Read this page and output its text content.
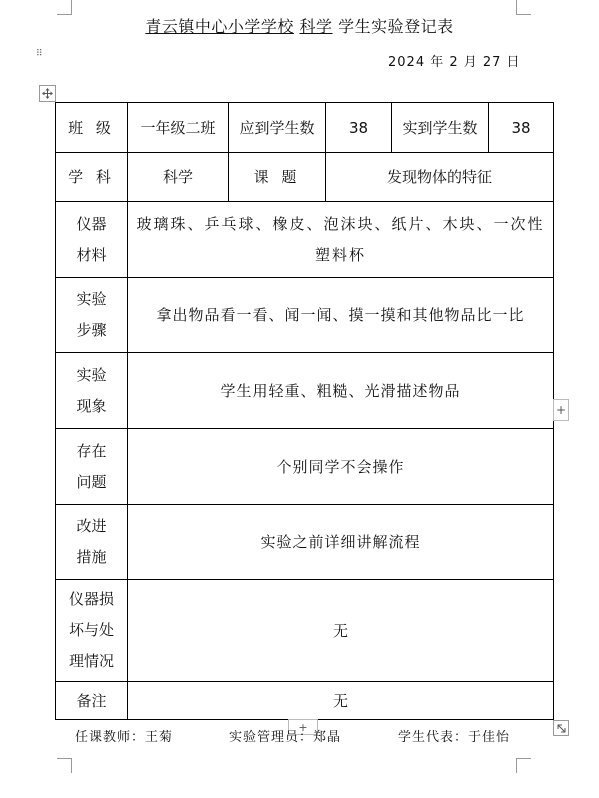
⠿
青云镇中心小学学校 科学 学生实验登记表
2024 年 2 月 27 日
班 级	一年级二班	应到学生数	38	实到学生数	38
学 科	科学	课 题	发现物体的特征		
仪器
材料	玻璃珠、乒乓球、橡皮、泡沫块、纸片、木块、一次性塑料杯				
实验
步骤	拿出物品看一看、闻一闻、摸一摸和其他物品比一比				
实验
现象	学生用轻重、粗糙、光滑描述物品				
存在
问题	个别同学不会操作				
改进
措施	实验之前详细讲解流程				
仪器损
坏与处
理情况	无				
备注	无				
+
+
任课教师：王菊	实验管理员：郑晶	学生代表：于佳怡
